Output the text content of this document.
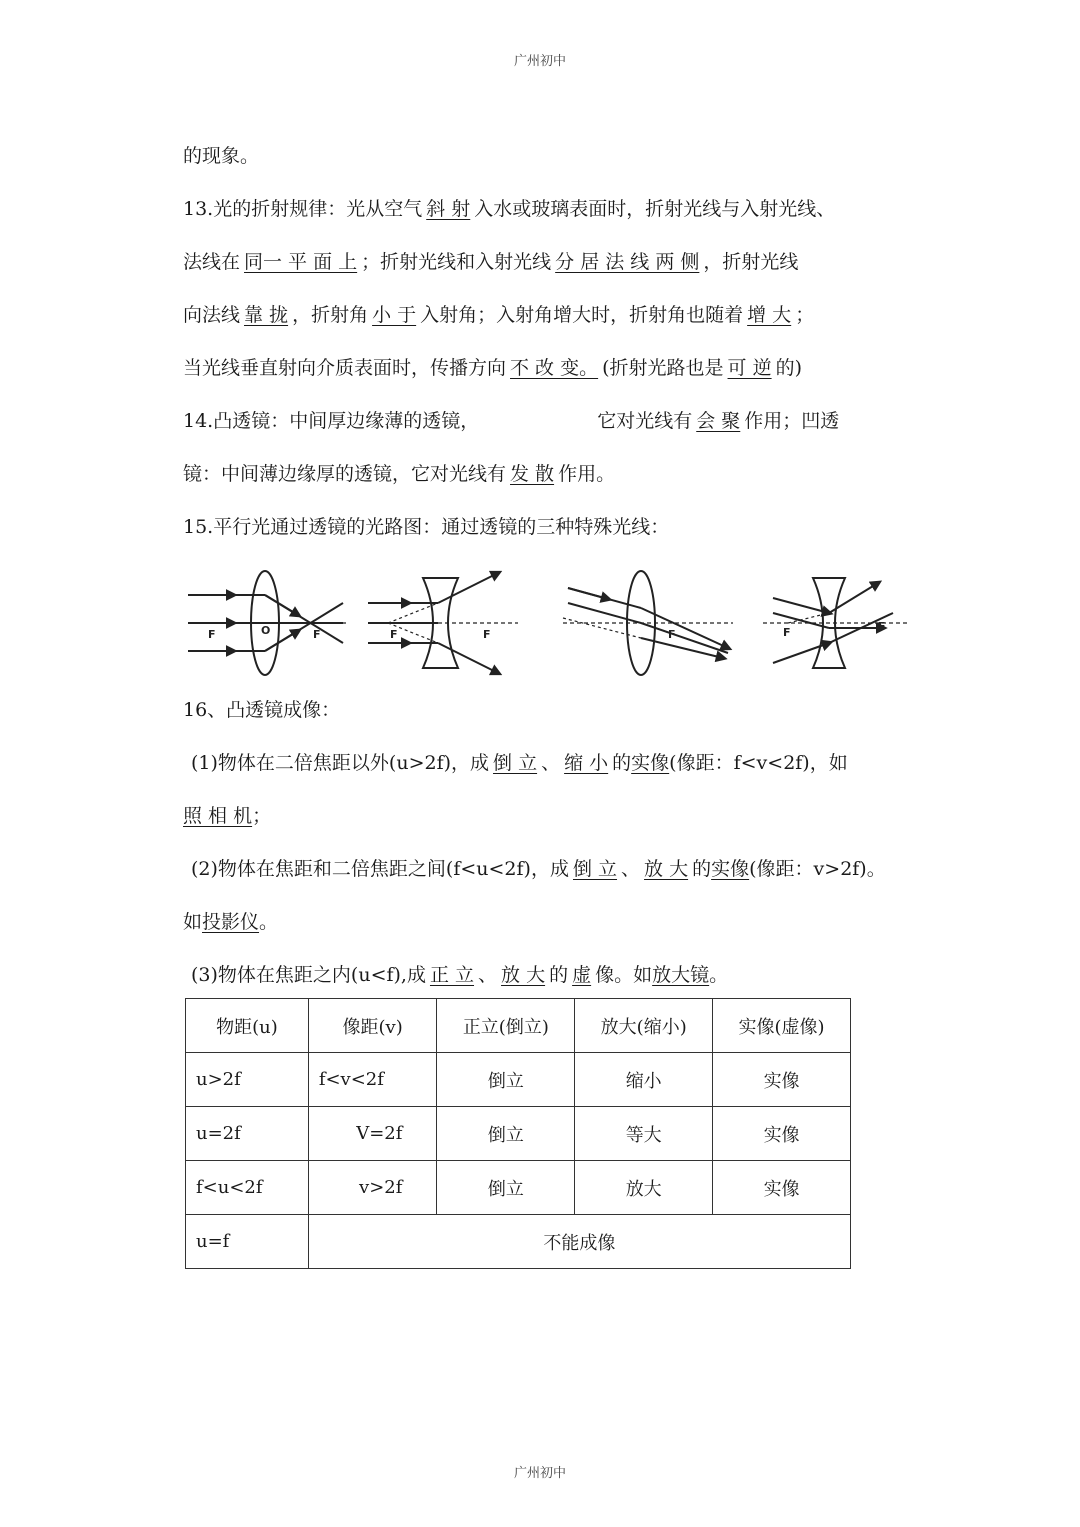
广州初中
的现象。
13.光的折射规律：光从空气 斜 射 入水或玻璃表面时，折射光线与入射光线、
法线在 同一 平 面 上 ；折射光线和入射光线 分 居 法 线 两 侧 ，折射光线
向法线 靠 拢 ，折射角 小 于 入射角；入射角增大时，折射角也随着 增 大 ；
当光线垂直射向介质表面时，传播方向 不 改 变。 (折射光路也是 可 逆 的)
14.凸透镜：中间厚边缘薄的透镜，	它对光线有 会 聚 作用；凹透
镜：中间薄边缘厚的透镜，它对光线有 发 散 作用。
15.平行光通过透镜的光路图：通过透镜的三种特殊光线：
F	F
O	F	F	F	F	F
16、凸透镜成像：
(1)物体在二倍焦距以外(u>2f)，成 倒 立 、 缩 小 的实像(像距：f<v<2f)，如
照 相 机；
(2)物体在焦距和二倍焦距之间(f<u<2f)，成 倒 立 、 放 大 的实像(像距：v>2f)。
如投影仪。
(3)物体在焦距之内(u<f),成 正 立 、 放 大 的 虚 像。如放大镜。
物距(u)	像距(v)	正立(倒立)	放大(缩小)	实像(虚像)
u>2f	f<v<2f	倒立	缩小	实像
u=2f	V=2f	倒立	等大	实像
f<u<2f	v>2f	倒立	放大	实像
u=f	不能成像			
广州初中
